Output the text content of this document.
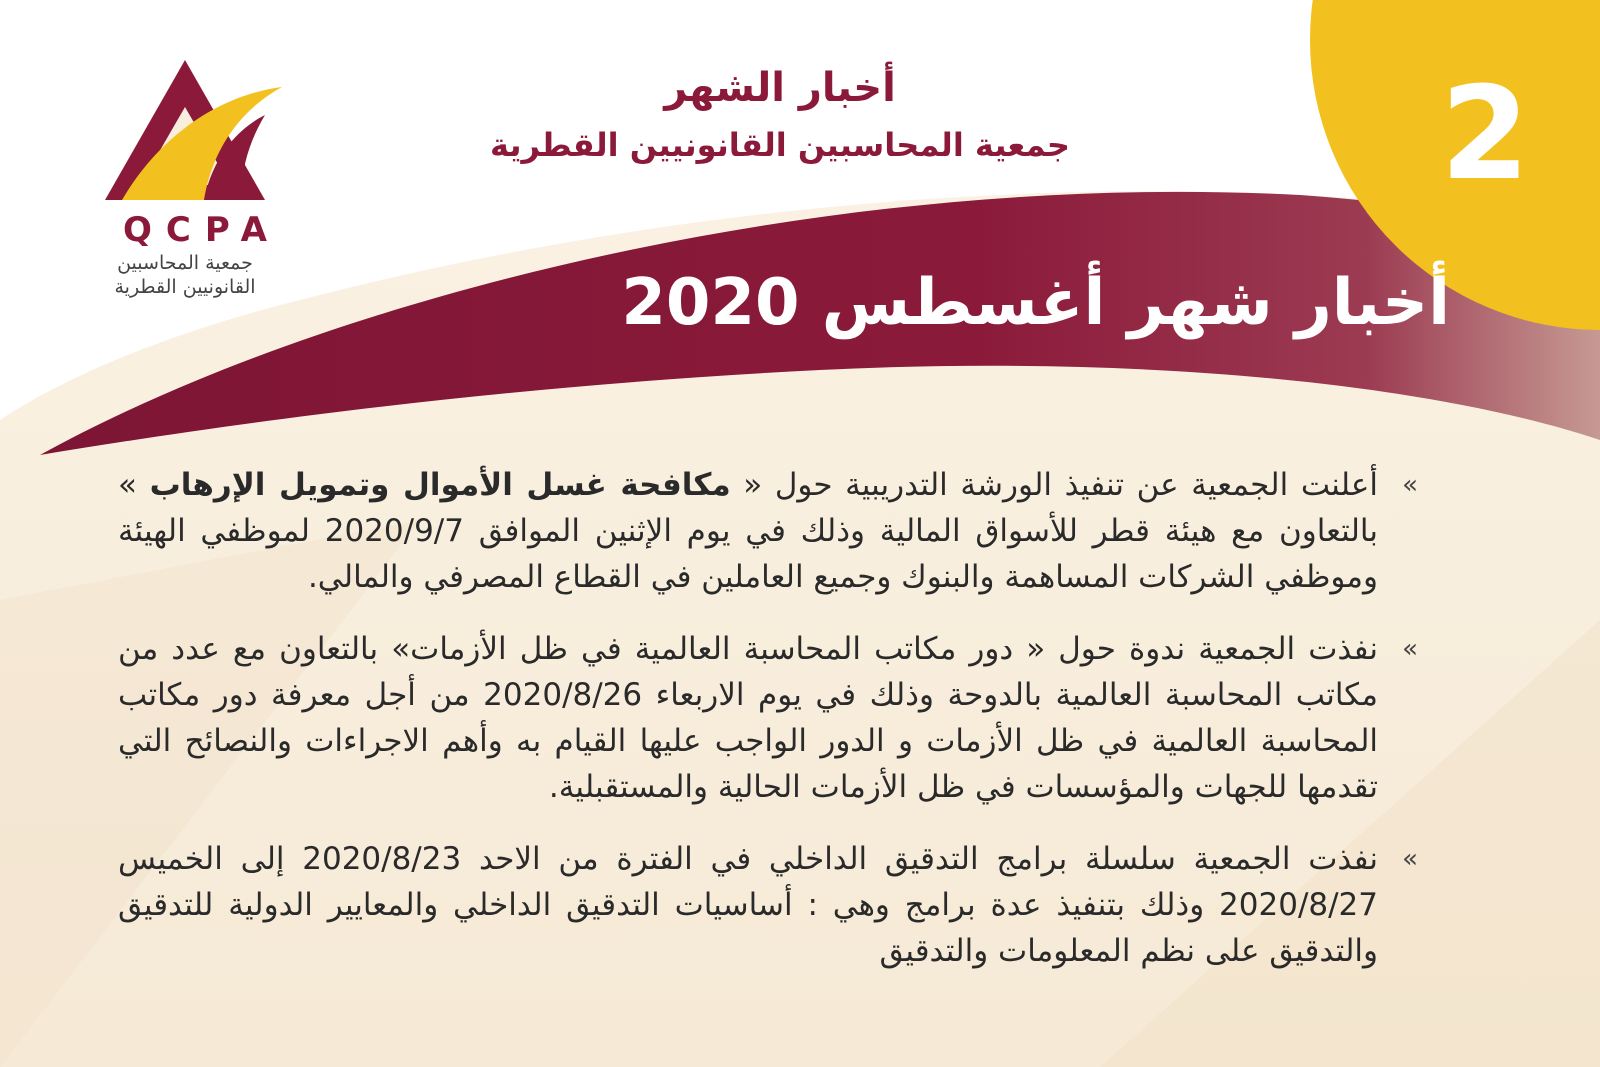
2
أخبار الشهر
جمعية المحاسبين القانونيين القطرية
QCPA
جمعية المحاسبين
القانونيين القطرية	أخبار شهر أغسطس 2020
»
أعلنت الجمعية عن تنفيذ الورشة التدريبية حول « مكافحة غسل الأموال وتمويل الإرهاب » بالتعاون مع هيئة قطر للأسواق المالية وذلك في يوم الإثنين الموافق 2020/9/7 لموظفي الهيئة وموظفي الشركات المساهمة والبنوك وجميع العاملين في القطاع المصرفي والمالي.
»
نفذت الجمعية ندوة حول « دور مكاتب المحاسبة العالمية في ظل الأزمات» بالتعاون مع عدد من مكاتب المحاسبة العالمية بالدوحة وذلك في يوم الاربعاء 2020/8/26 من أجل معرفة دور مكاتب المحاسبة العالمية في ظل الأزمات و الدور الواجب عليها القيام به وأهم الاجراءات والنصائح التي تقدمها للجهات والمؤسسات في ظل الأزمات الحالية والمستقبلية.
»
نفذت الجمعية سلسلة برامج التدقيق الداخلي في الفترة من الاحد 2020/8/23 إلى الخميس 2020/8/27 وذلك بتنفيذ عدة برامج وهي : أساسيات التدقيق الداخلي والمعايير الدولية للتدقيق والتدقيق على نظم المعلومات والتدقيق
